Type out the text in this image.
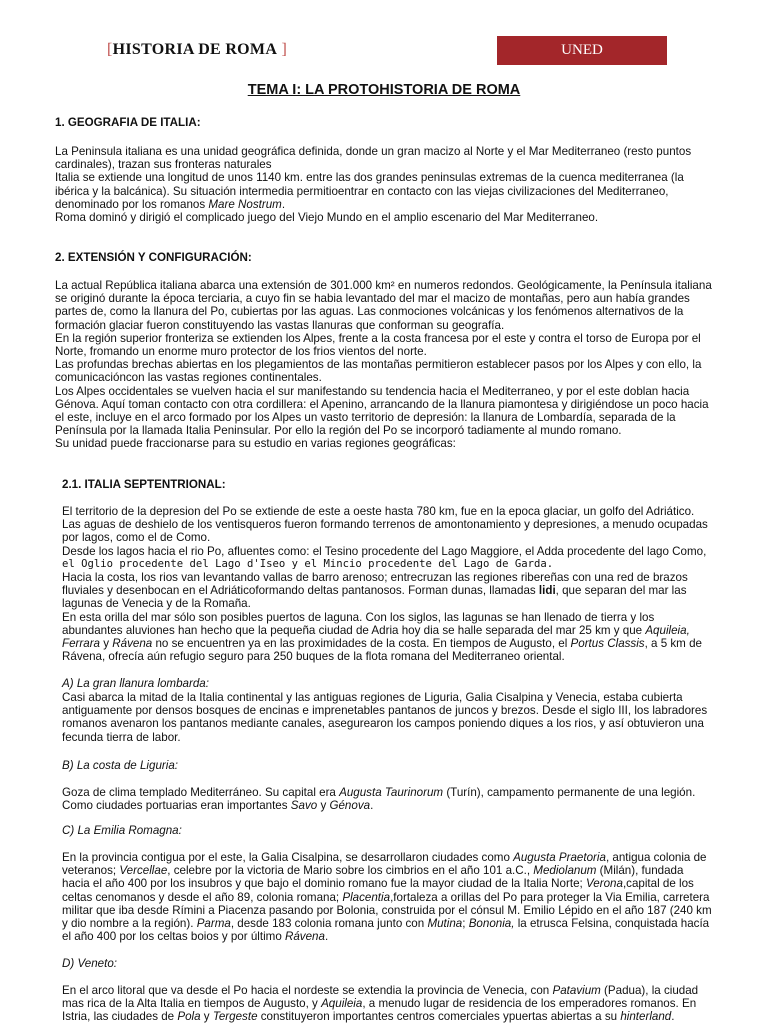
[HISTORIA DE ROMA ]	UNED
TEMA I: LA PROTOHISTORIA DE ROMA
1. GEOGRAFIA DE ITALIA:
La Peninsula italiana es una unidad geográfica definida, donde un gran macizo al Norte y el Mar Mediterraneo (resto puntos
cardinales), trazan sus fronteras naturales
Italia se extiende una longitud de unos 1140 km. entre las dos grandes peninsulas extremas de la cuenca mediterranea (la
ibérica y la balcánica). Su situación intermedia permitioentrar en contacto con las viejas civilizaciones del Mediterraneo,
denominado por los romanos Mare Nostrum.
Roma dominó y dirigió el complicado juego del Viejo Mundo en el amplio escenario del Mar Mediterraneo.
2. EXTENSIÓN Y CONFIGURACIÓN:
La actual República italiana abarca una extensión de 301.000 km² en numeros redondos. Geológicamente, la Península italiana
se originó durante la época terciaria, a cuyo fin se habia levantado del mar el macizo de montañas, pero aun había grandes
partes de, como la llanura del Po, cubiertas por las aguas. Las conmociones volcánicas y los fenómenos alternativos de la
formación glaciar fueron constituyendo las vastas llanuras que conforman su geografía.
En la región superior fronteriza se extienden los Alpes, frente a la costa francesa por el este y contra el torso de Europa por el
Norte, fromando un enorme muro protector de los frios vientos del norte.
Las profundas brechas abiertas en los plegamientos de las montañas permitieron establecer pasos por los Alpes y con ello, la
comunicacióncon las vastas regiones continentales.
Los Alpes occidentales se vuelven hacia el sur manifestando su tendencia hacia el Mediterraneo, y por el este doblan hacia
Génova. Aquí toman contacto con otra cordillera: el Apenino, arrancando de la llanura piamontesa y dirigiéndose un poco hacia
el este, incluye en el arco formado por los Alpes un vasto territorio de depresión: la llanura de Lombardía, separada de la
Península por la llamada Italia Peninsular. Por ello la región del Po se incorporó tadiamente al mundo romano.
Su unidad puede fraccionarse para su estudio en varias regiones geográficas:
2.1. ITALIA SEPTENTRIONAL:
El territorio de la depresion del Po se extiende de este a oeste hasta 780 km, fue en la epoca glaciar, un golfo del Adriático.
Las aguas de deshielo de los ventisqueros fueron formando terrenos de amontonamiento y depresiones, a menudo ocupadas
por lagos, como el de Como.
Desde los lagos hacia el rio Po, afluentes como: el Tesino procedente del Lago Maggiore, el Adda procedente del lago Como,
el Oglio procedente del Lago d'Iseo y el Mincio procedente del Lago de Garda.
Hacia la costa, los rios van levantando vallas de barro arenoso; entrecruzan las regiones ribereñas con una red de brazos
fluviales y desenbocan en el Adriáticoformando deltas pantanosos. Forman dunas, llamadas lidi, que separan del mar las
lagunas de Venecia y de la Romaña.
En esta orilla del mar sólo son posibles puertos de laguna. Con los siglos, las lagunas se han llenado de tierra y los
abundantes aluviones han hecho que la pequeña ciudad de Adria hoy dia se halle separada del mar 25 km y que Aquileia,
Ferrara y Rávena no se encuentren ya en las proximidades de la costa. En tiempos de Augusto, el Portus Classis, a 5 km de
Rávena, ofrecía aún refugio seguro para 250 buques de la flota romana del Mediterraneo oriental.
A) La gran llanura lombarda:
Casi abarca la mitad de la Italia continental y las antiguas regiones de Liguria, Galia Cisalpina y Venecia, estaba cubierta
antiguamente por densos bosques de encinas e imprenetables pantanos de juncos y brezos. Desde el siglo III, los labradores
romanos avenaron los pantanos mediante canales, asegurearon los campos poniendo diques a los rios, y así obtuvieron una
fecunda tierra de labor.
B) La costa de Liguria:
Goza de clima templado Mediterráneo. Su capital era Augusta Taurinorum (Turín), campamento permanente de una legión.
Como ciudades portuarias eran importantes Savo y Génova.
C) La Emilia Romagna:
En la provincia contigua por el este, la Galia Cisalpina, se desarrollaron ciudades como Augusta Praetoria, antigua colonia de
veteranos; Vercellae, celebre por la victoria de Mario sobre los cimbrios en el año 101 a.C., Mediolanum (Milán), fundada
hacia el año 400 por los insubros y que bajo el dominio romano fue la mayor ciudad de la Italia Norte; Verona,capital de los
celtas cenomanos y desde el año 89, colonia romana; Placentia,fortaleza a orillas del Po para proteger la Via Emilia, carretera
militar que iba desde Rímini a Piacenza pasando por Bolonia, construida por el cónsul M. Emilio Lépido en el año 187 (240 km
y dio nombre a la región). Parma, desde 183 colonia romana junto con Mutina; Bononia, la etrusca Felsina, conquistada hacía
el año 400 por los celtas boios y por último Rávena.
D) Veneto:
En el arco litoral que va desde el Po hacia el nordeste se extendia la provincia de Venecia, con Patavium (Padua), la ciudad
mas rica de la Alta Italia en tiempos de Augusto, y Aquileia, a menudo lugar de residencia de los emperadores romanos. En
Istria, las ciudades de Pola y Tergeste constituyeron importantes centros comerciales ypuertas abiertas a su hinterland.
